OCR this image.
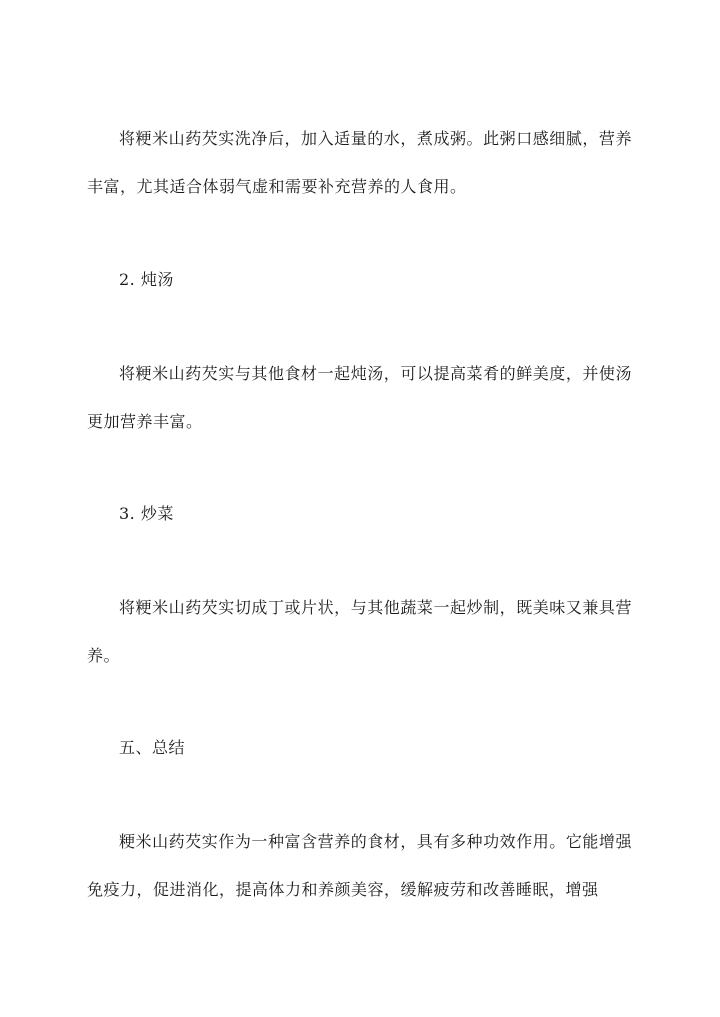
将粳米山药芡实洗净后，加入适量的水，煮成粥。此粥口感细腻，营养丰富，尤其适合体弱气虚和需要补充营养的人食用。

2. 炖汤

将粳米山药芡实与其他食材一起炖汤，可以提高菜肴的鲜美度，并使汤更加营养丰富。

3. 炒菜

将粳米山药芡实切成丁或片状，与其他蔬菜一起炒制，既美味又兼具营养。

五、总结

粳米山药芡实作为一种富含营养的食材，具有多种功效作用。它能增强免疫力，促进消化，提高体力和养颜美容，缓解疲劳和改善睡眠，增强
